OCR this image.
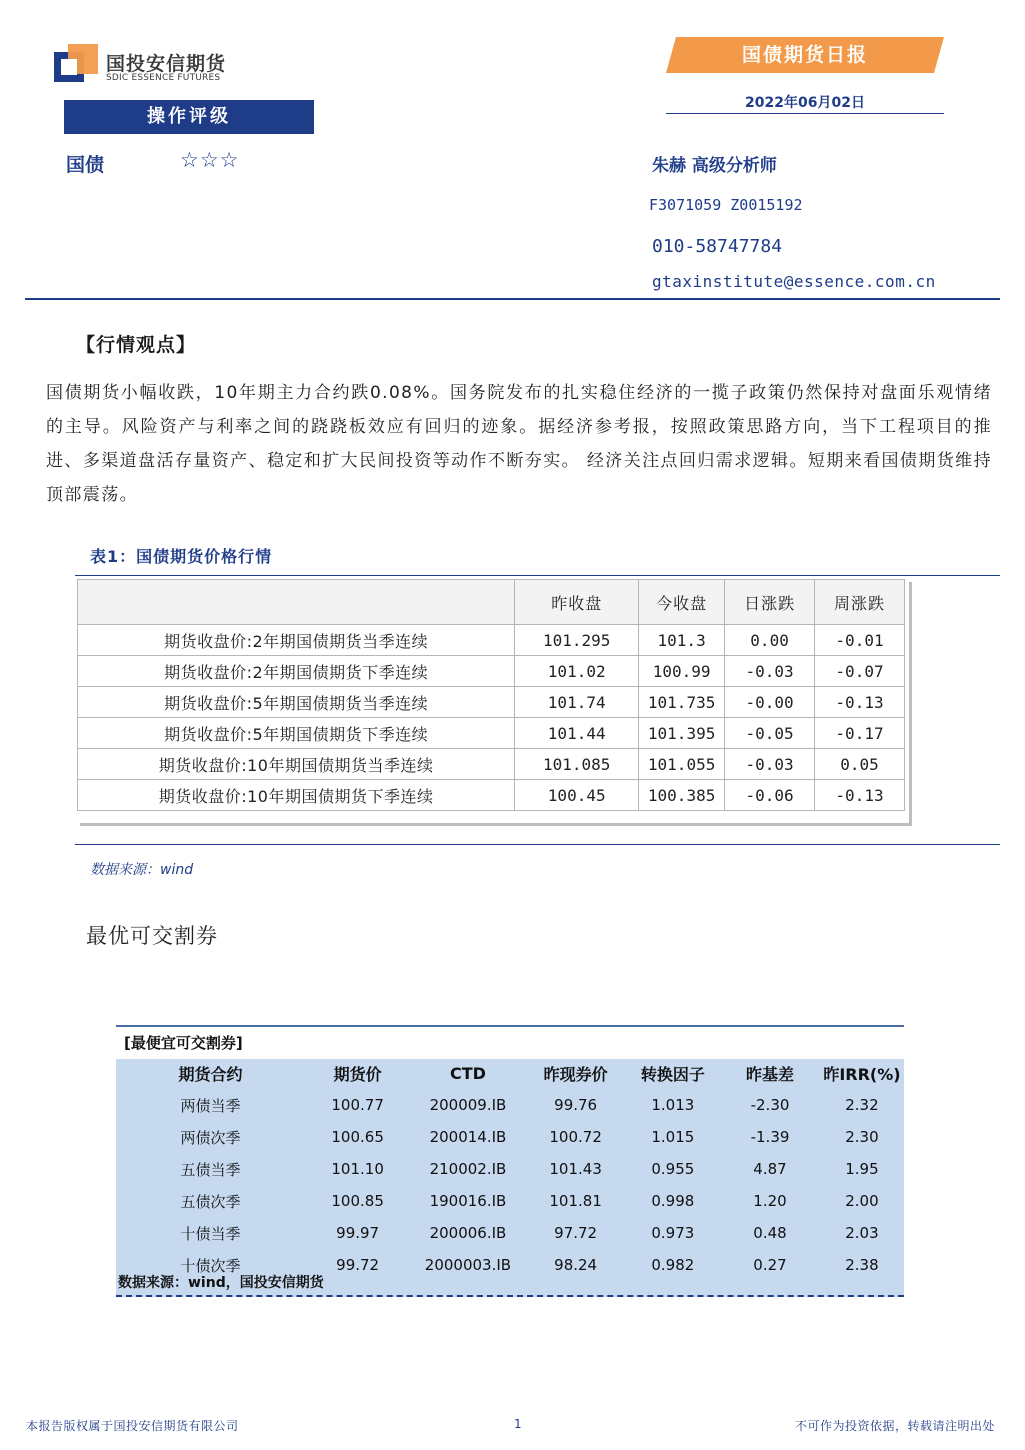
国投安信期货
SDIC ESSENCE FUTURES
国债期货日报
2022年06月02日
操作评级
国债	☆☆☆	朱赫 高级分析师
F3071059 Z0015192
010-58747784
gtaxinstitute@essence.com.cn
【行情观点】
国债期货小幅收跌，10年期主力合约跌0.08%。国务院发布的扎实稳住经济的一揽子政策仍然保持对盘面乐观情绪的主导。风险资产与利率之间的跷跷板效应有回归的迹象。据经济参考报，按照政策思路方向，当下工程项目的推进、多渠道盘活存量资产、稳定和扩大民间投资等动作不断夯实。 经济关注点回归需求逻辑。短期来看国债期货维持顶部震荡。
表1：国债期货价格行情
	昨收盘	今收盘	日涨跌	周涨跌
期货收盘价:2年期国债期货当季连续	101.295	101.3	0.00	-0.01
期货收盘价:2年期国债期货下季连续	101.02	100.99	-0.03	-0.07
期货收盘价:5年期国债期货当季连续	101.74	101.735	-0.00	-0.13
期货收盘价:5年期国债期货下季连续	101.44	101.395	-0.05	-0.17
期货收盘价:10年期国债期货当季连续	101.085	101.055	-0.03	0.05
期货收盘价:10年期国债期货下季连续	100.45	100.385	-0.06	-0.13
数据来源：wind
最优可交割券
[最便宜可交割券]
期货合约	期货价	CTD	昨现券价	转换因子	昨基差	昨IRR(%)
两债当季	100.77	200009.IB	99.76	1.013	-2.30	2.32
两债次季	100.65	200014.IB	100.72	1.015	-1.39	2.30
五债当季	101.10	210002.IB	101.43	0.955	4.87	1.95
五债次季	100.85	190016.IB	101.81	0.998	1.20	2.00
十债当季	99.97	200006.IB	97.72	0.973	0.48	2.03
十债次季	99.72	2000003.IB	98.24	0.982	0.27	2.38
数据来源：wind，国投安信期货
本报告版权属于国投安信期货有限公司	1	不可作为投资依据，转载请注明出处
